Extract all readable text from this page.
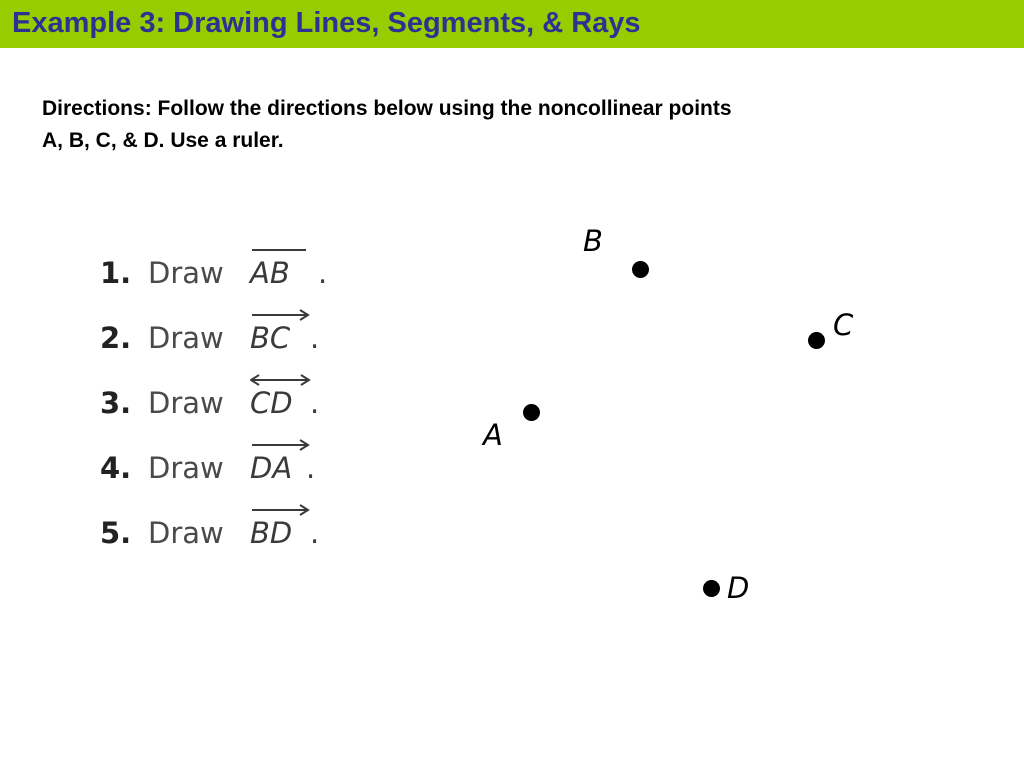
Example 3: Drawing Lines, Segments, & Rays
Directions: Follow the directions below using the noncollinear points
A, B, C, & D. Use a ruler.
1. Draw AB .
2. Draw BC .
3. Draw CD .
4. Draw DA .
5. Draw BD .
B
C
A
D
